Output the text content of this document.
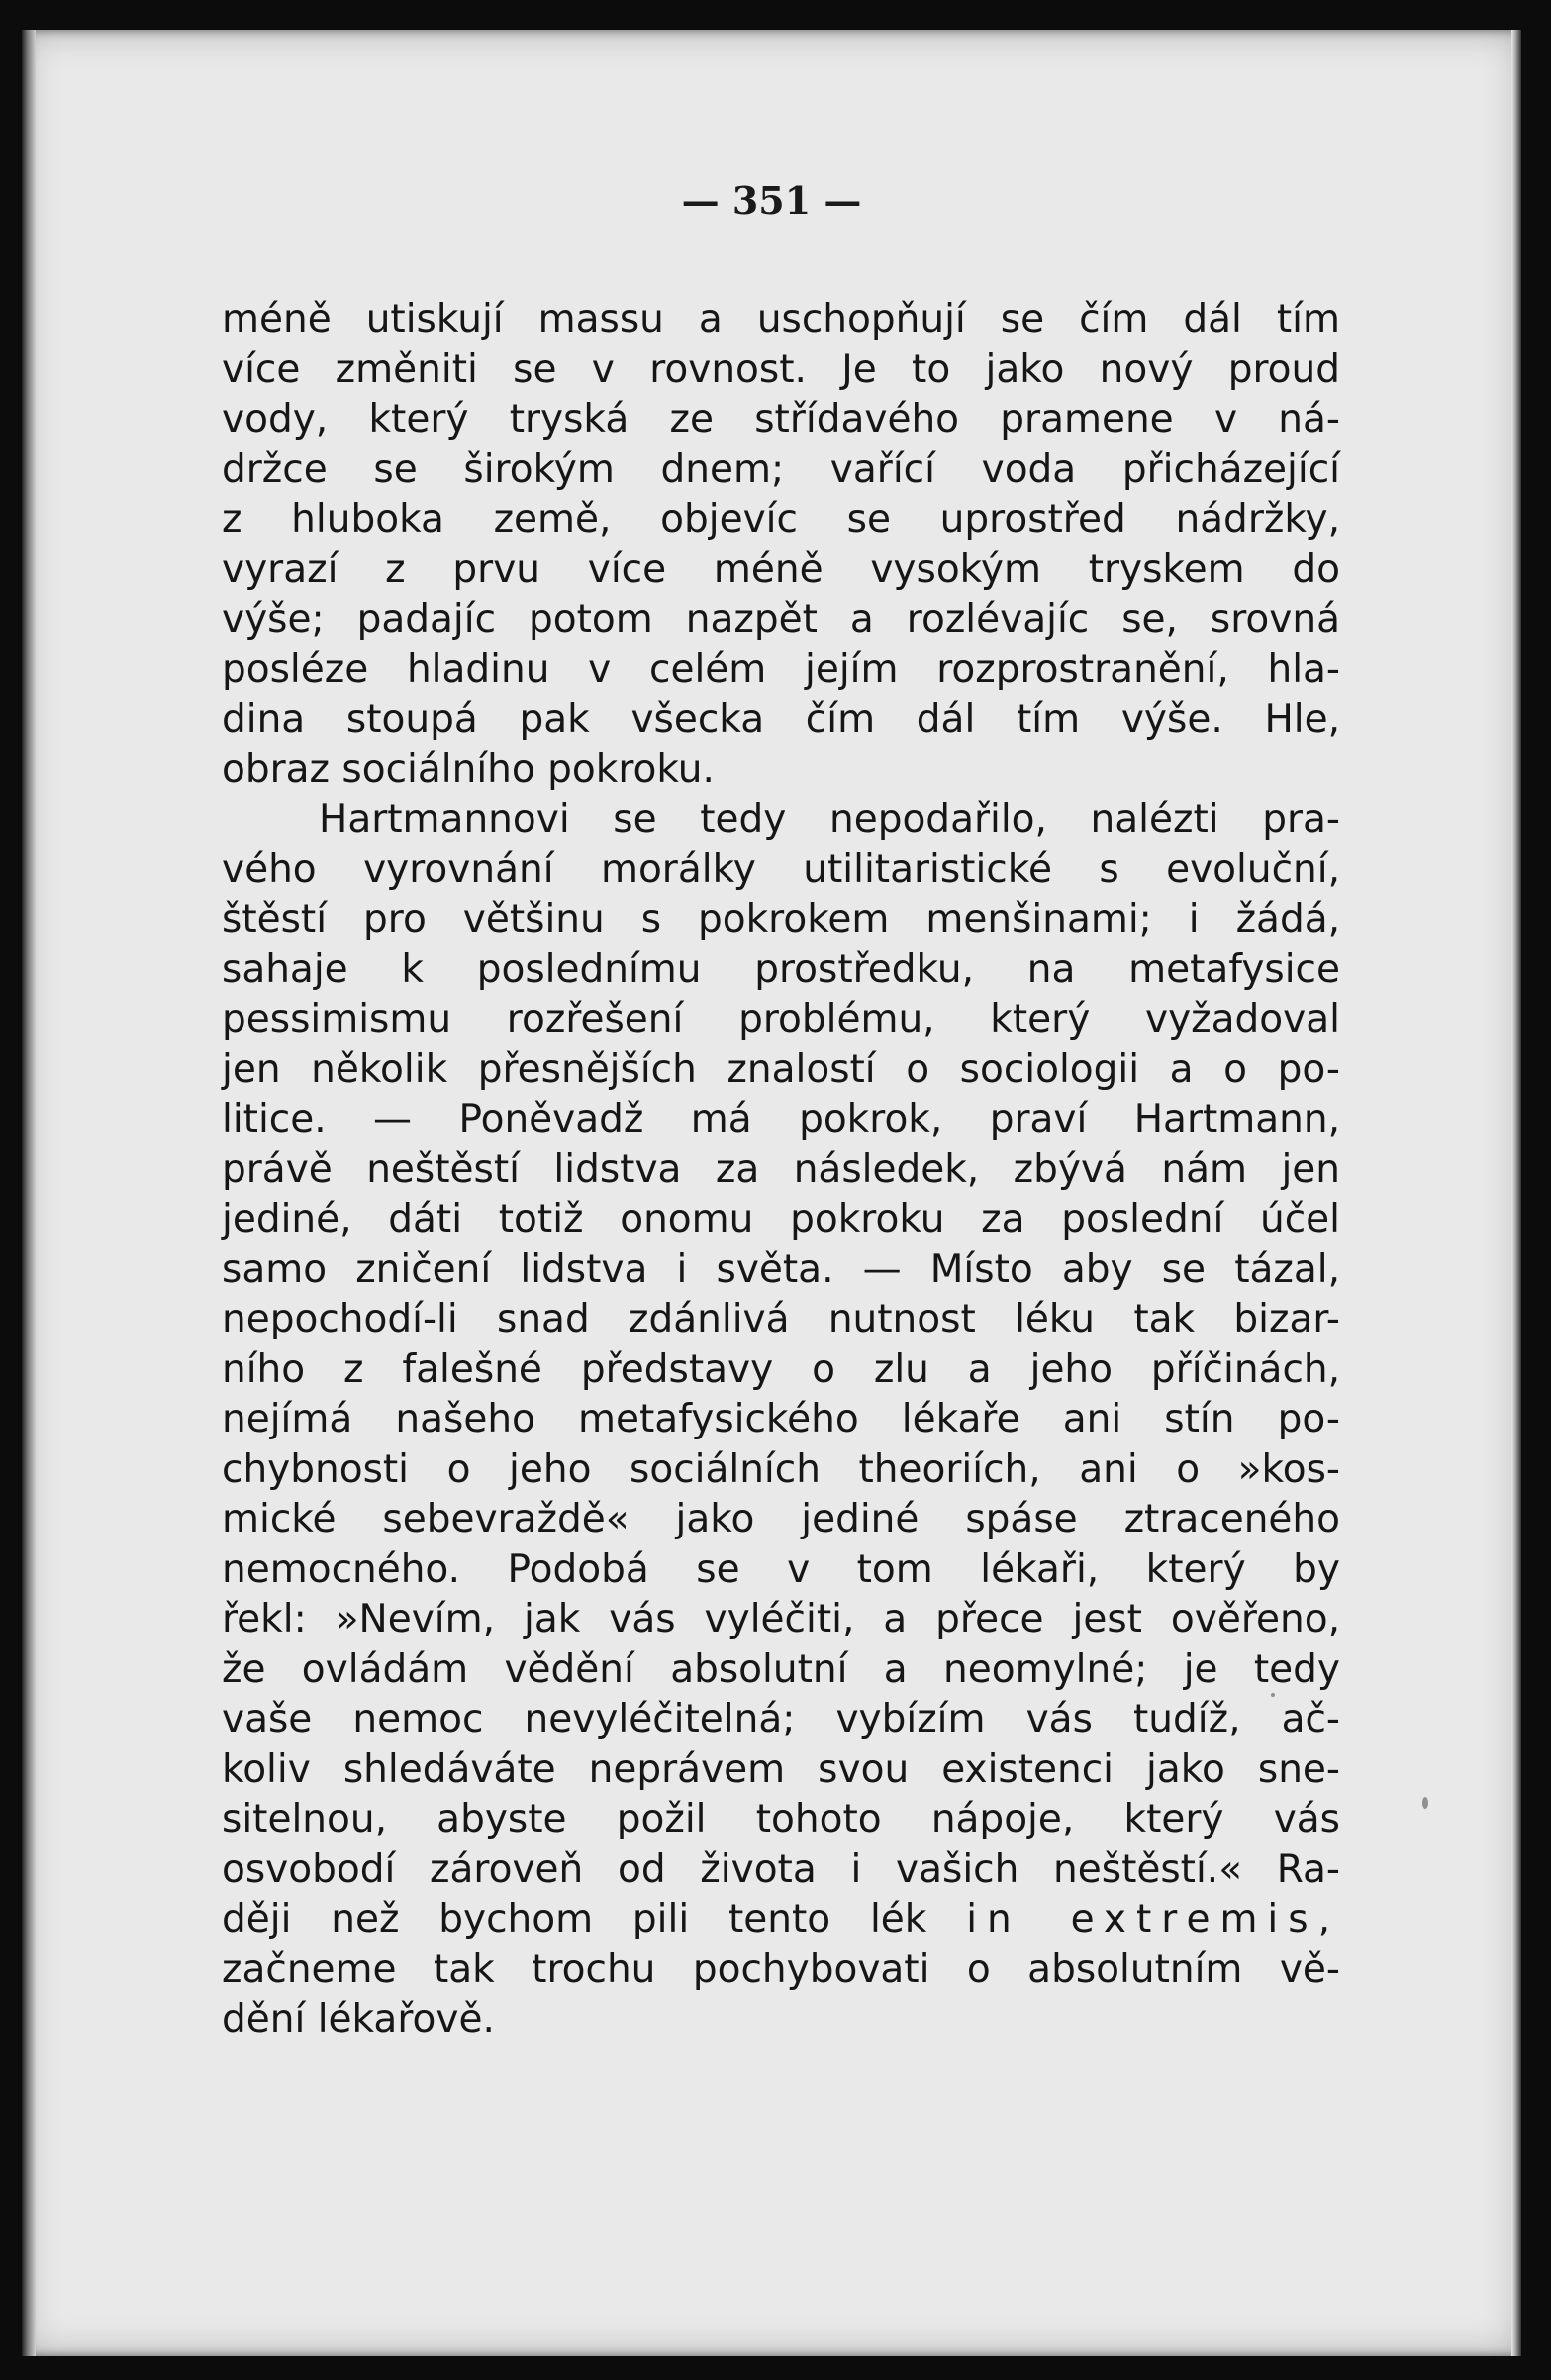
— 351 —
méně utiskují massu a uschopňují se čím dál tím
více změniti se v rovnost. Je to jako nový proud
vody, který tryská ze střídavého pramene v ná-
držce se širokým dnem; vařící voda přicházející
z hluboka země, objevíc se uprostřed nádržky,
vyrazí z prvu více méně vysokým tryskem do
výše; padajíc potom nazpět a rozlévajíc se, srovná
posléze hladinu v celém jejím rozprostranění, hla-
dina stoupá pak všecka čím dál tím výše. Hle,
obraz sociálního pokroku.
Hartmannovi se tedy nepodařilo, nalézti pra-
vého vyrovnání morálky utilitaristické s evoluční,
štěstí pro většinu s pokrokem menšinami; i žádá,
sahaje k poslednímu prostředku, na metafysice
pessimismu rozřešení problému, který vyžadoval
jen několik přesnějších znalostí o sociologii a o po-
litice. — Poněvadž má pokrok, praví Hartmann,
právě neštěstí lidstva za následek, zbývá nám jen
jediné, dáti totiž onomu pokroku za poslední účel
samo zničení lidstva i světa. — Místo aby se tázal,
nepochodí-li snad zdánlivá nutnost léku tak bizar-
ního z falešné představy o zlu a jeho příčinách,
nejímá našeho metafysického lékaře ani stín po-
chybnosti o jeho sociálních theoriích, ani o »kos-
mické sebevraždě« jako jediné spáse ztraceného
nemocného. Podobá se v tom lékaři, který by
řekl: »Nevím, jak vás vyléčiti, a přece jest ověřeno,
že ovládám vědění absolutní a neomylné; je tedy
vaše nemoc nevyléčitelná; vybízím vás tudíž, ač-
koliv shledáváte neprávem svou existenci jako sne-
sitelnou, abyste požil tohoto nápoje, který vás
osvobodí zároveň od života i vašich neštěstí.« Ra-
ději než bychom pili tento lék in extremis,
začneme tak trochu pochybovati o absolutním vě-
dění lékařově.
